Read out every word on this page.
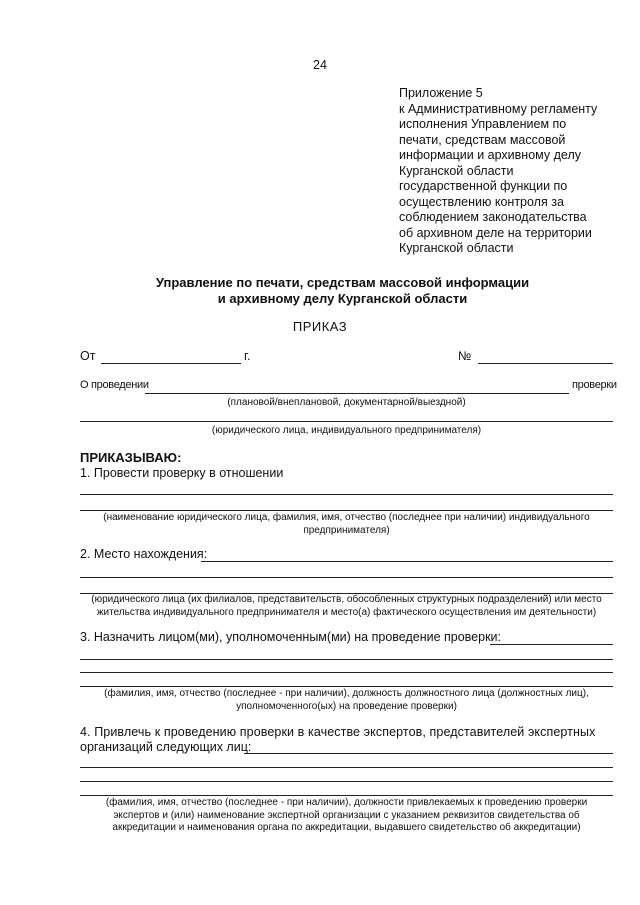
24
Приложение 5
к Административному регламенту
исполнения Управлением по
печати, средствам массовой
информации и архивному делу
Курганской области
государственной функции по
осуществлению контроля за
соблюдением законодательства
об архивном деле на территории
Курганской области
Управление по печати, средствам массовой информации
и архивному делу Курганской области
ПРИКАЗ
От	г.	№
О проведении	проверки
(плановой/внеплановой, документарной/выездной)
(юридического лица, индивидуального предпринимателя)
ПРИКАЗЫВАЮ:
1. Провести проверку в отношении
(наименование юридического лица, фамилия, имя, отчество (последнее при наличии) индивидуального
предпринимателя)
2. Место нахождения:
(юридического лица (их филиалов, представительств, обособленных структурных подразделений) или место
жительства индивидуального предпринимателя и место(а) фактического осуществления им деятельности)
3. Назначить лицом(ми), уполномоченным(ми) на проведение проверки:
(фамилия, имя, отчество (последнее - при наличии), должность должностного лица (должностных лиц),
уполномоченного(ых) на проведение проверки)
4. Привлечь к проведению проверки в качестве экспертов, представителей экспертных
организаций следующих лиц:
(фамилия, имя, отчество (последнее - при наличии), должности привлекаемых к проведению проверки
экспертов и (или) наименование экспертной организации с указанием реквизитов свидетельства об
аккредитации и наименования органа по аккредитации, выдавшего свидетельство об аккредитации)
